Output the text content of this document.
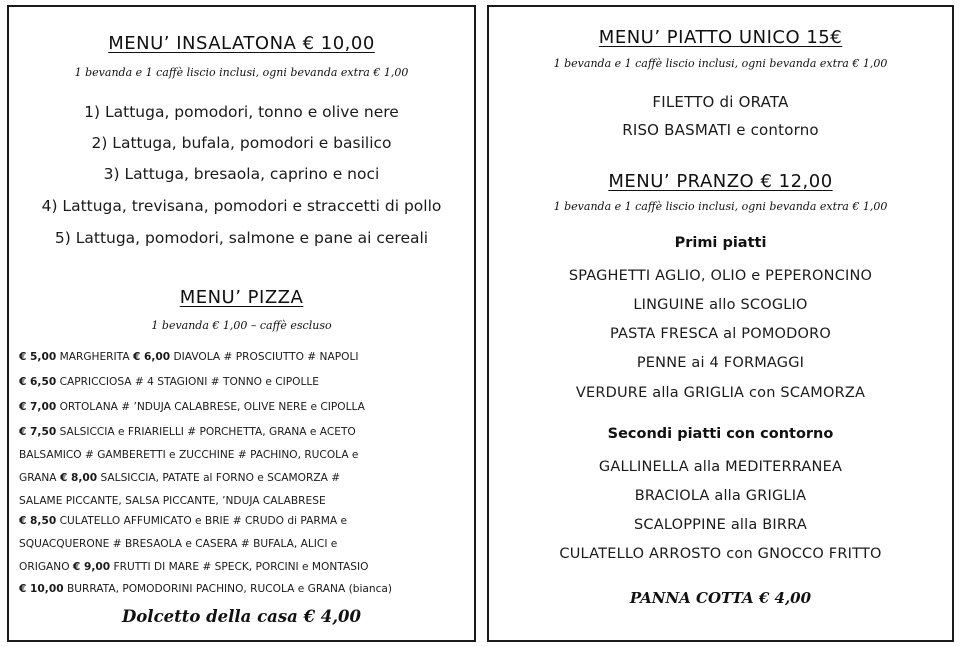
MENU’ INSALATONA € 10,00
1 bevanda e 1 caffè liscio inclusi, ogni bevanda extra € 1,00
1) Lattuga, pomodori, tonno e olive nere
2) Lattuga, bufala, pomodori e basilico
3) Lattuga, bresaola, caprino e noci
4) Lattuga, trevisana, pomodori e straccetti di pollo
5) Lattuga, pomodori, salmone e pane ai cereali
MENU’ PIZZA
1 bevanda € 1,00 – caffè escluso
€ 5,00 MARGHERITA € 6,00 DIAVOLA # PROSCIUTTO # NAPOLI
€ 6,50 CAPRICCIOSA # 4 STAGIONI # TONNO e CIPOLLE
€ 7,00 ORTOLANA # ’NDUJA CALABRESE, OLIVE NERE e CIPOLLA
€ 7,50 SALSICCIA e FRIARIELLI # PORCHETTA, GRANA e ACETO
BALSAMICO # GAMBERETTI e ZUCCHINE # PACHINO, RUCOLA e
GRANA € 8,00 SALSICCIA, PATATE al FORNO e SCAMORZA #
SALAME PICCANTE, SALSA PICCANTE, ’NDUJA CALABRESE
€ 8,50 CULATELLO AFFUMICATO e BRIE # CRUDO di PARMA e
SQUACQUERONE # BRESAOLA e CASERA # BUFALA, ALICI e
ORIGANO € 9,00 FRUTTI DI MARE # SPECK, PORCINI e MONTASIO
€ 10,00 BURRATA, POMODORINI PACHINO, RUCOLA e GRANA (bianca)
Dolcetto della casa € 4,00
MENU’ PIATTO UNICO 15€
1 bevanda e 1 caffè liscio inclusi, ogni bevanda extra € 1,00
FILETTO di ORATA
RISO BASMATI e contorno
MENU’ PRANZO € 12,00
1 bevanda e 1 caffè liscio inclusi, ogni bevanda extra € 1,00
Primi piatti
SPAGHETTI AGLIO, OLIO e PEPERONCINO
LINGUINE allo SCOGLIO
PASTA FRESCA al POMODORO
PENNE ai 4 FORMAGGI
VERDURE alla GRIGLIA con SCAMORZA
Secondi piatti con contorno
GALLINELLA alla MEDITERRANEA
BRACIOLA alla GRIGLIA
SCALOPPINE alla BIRRA
CULATELLO ARROSTO con GNOCCO FRITTO
PANNA COTTA € 4,00
